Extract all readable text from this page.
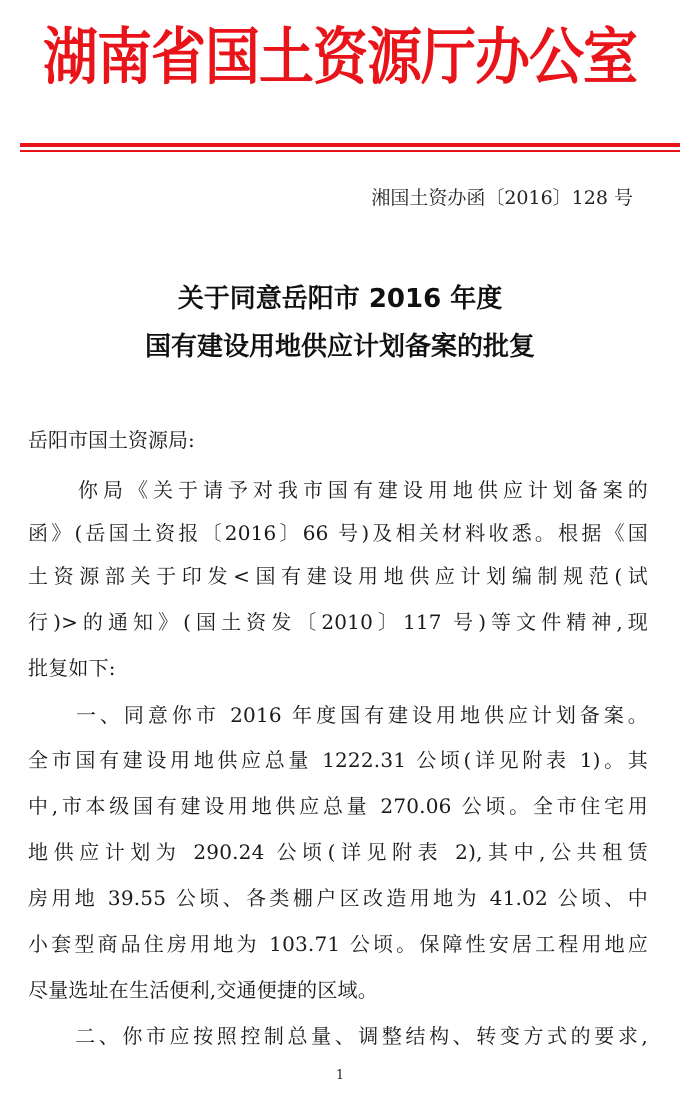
湖南省国土资源厅办公室
湘国土资办函〔2016〕128 号
关于同意岳阳市 2016 年度
国有建设用地供应计划备案的批复
岳阳市国土资源局:
　　你局《关于请予对我市国有建设用地供应计划备案的
函》(岳国土资报〔2016〕66 号)及相关材料收悉。根据《国
土资源部关于印发<国有建设用地供应计划编制规范(试
行)>的通知》(国土资发〔2010〕117 号)等文件精神,现
批复如下:
　　一、同意你市 2016 年度国有建设用地供应计划备案。
全市国有建设用地供应总量 1222.31 公顷(详见附表 1)。其
中,市本级国有建设用地供应总量 270.06 公顷。全市住宅用
地供应计划为 290.24 公顷(详见附表 2),其中,公共租赁
房用地 39.55 公顷、各类棚户区改造用地为 41.02 公顷、中
小套型商品住房用地为 103.71 公顷。保障性安居工程用地应
尽量选址在生活便利,交通便捷的区域。
　　二、你市应按照控制总量、调整结构、转变方式的要求,
1
